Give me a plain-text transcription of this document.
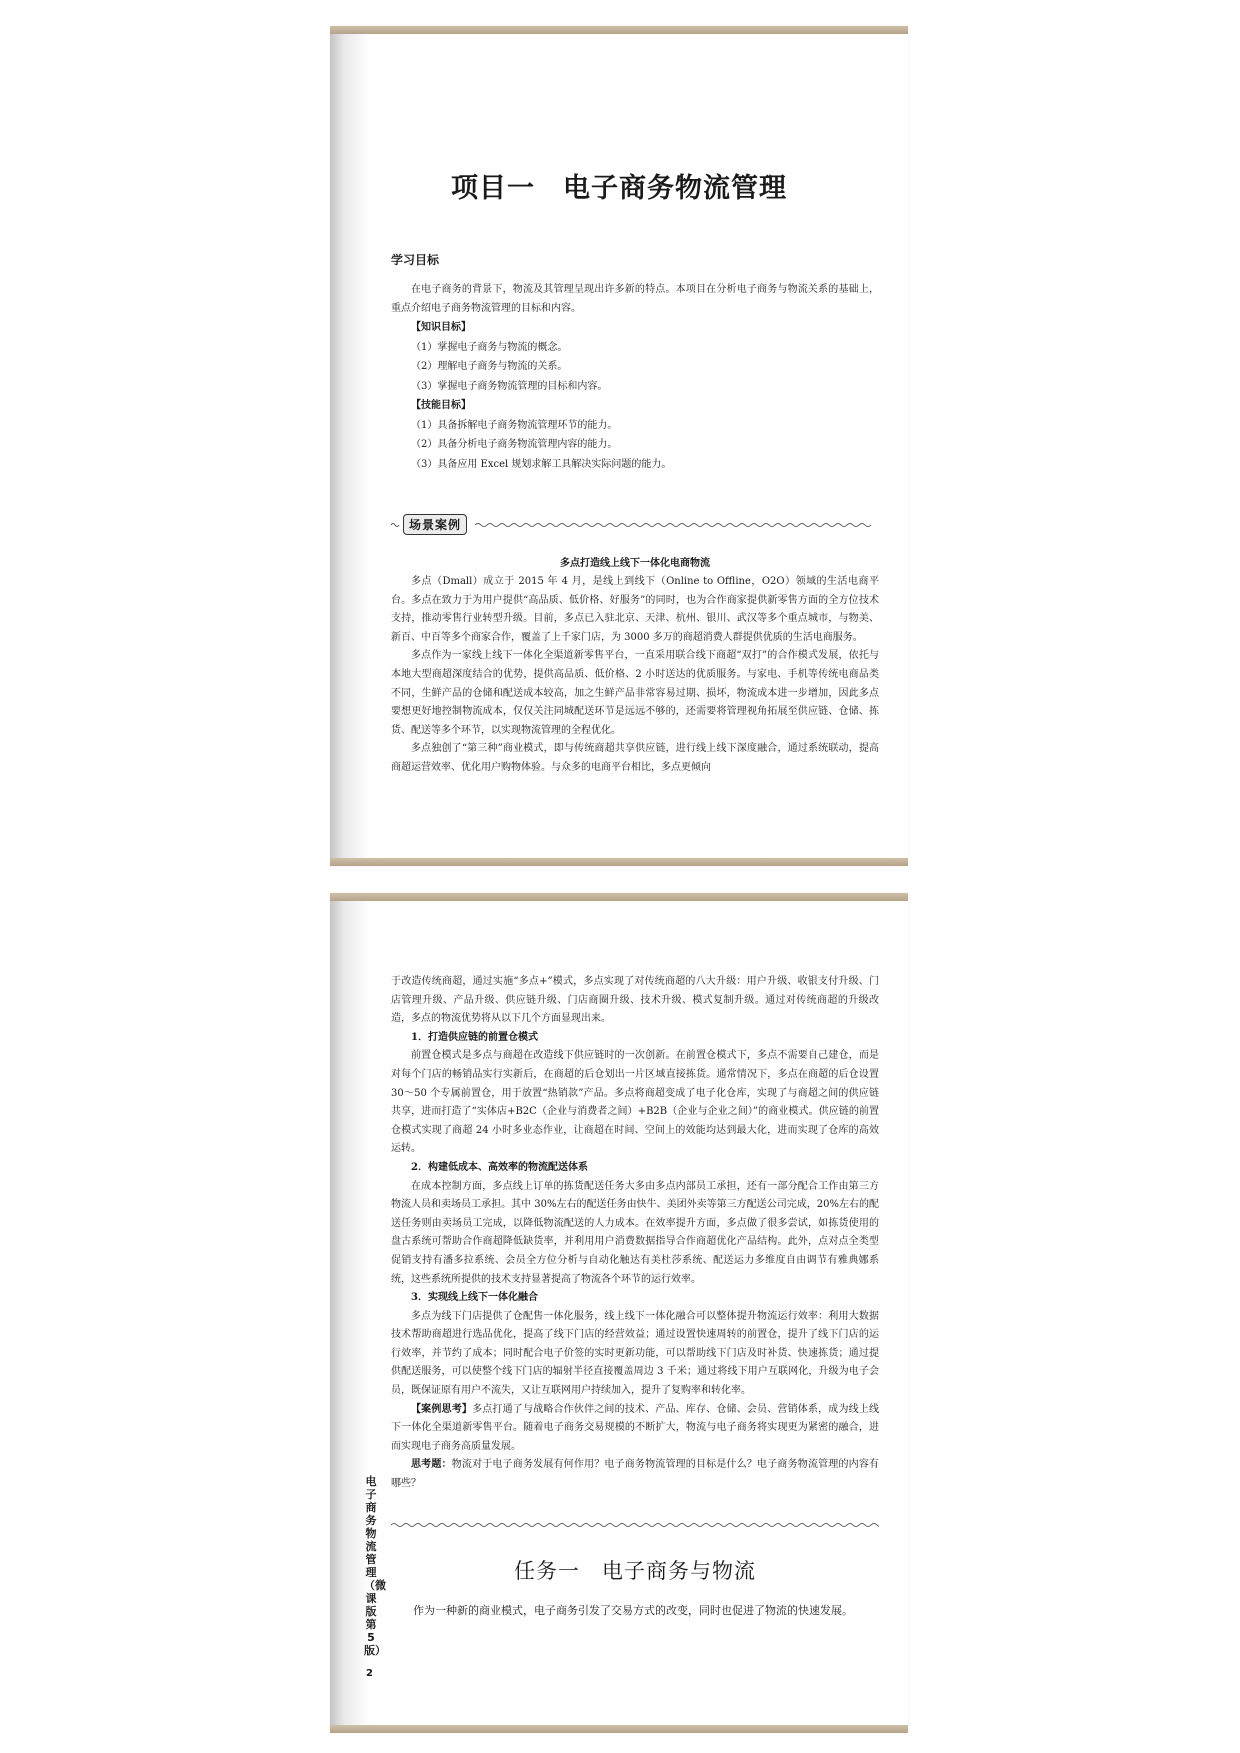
项目一　电子商务物流管理
学习目标

在电子商务的背景下，物流及其管理呈现出许多新的特点。本项目在分析电子商务与物流关系的基础上，重点介绍电子商务物流管理的目标和内容。

【知识目标】
（1）掌握电子商务与物流的概念。
（2）理解电子商务与物流的关系。
（3）掌握电子商务物流管理的目标和内容。
【技能目标】
（1）具备拆解电子商务物流管理环节的能力。
（2）具备分析电子商务物流管理内容的能力。
（3）具备应用 Excel 规划求解工具解决实际问题的能力。
场景案例
多点打造线上线下一体化电商物流

多点（Dmall）成立于 2015 年 4 月，是线上到线下（Online to Offline，O2O）领域的生活电商平台。多点在致力于为用户提供“高品质、低价格、好服务”的同时，也为合作商家提供新零售方面的全方位技术支持，推动零售行业转型升级。目前，多点已入驻北京、天津、杭州、银川、武汉等多个重点城市，与物美、新百、中百等多个商家合作，覆盖了上千家门店，为 3000 多万的商超消费人群提供优质的生活电商服务。

多点作为一家线上线下一体化全渠道新零售平台，一直采用联合线下商超“双打”的合作模式发展，依托与本地大型商超深度结合的优势，提供高品质、低价格、2 小时送达的优质服务。与家电、手机等传统电商品类不同，生鲜产品的仓储和配送成本较高，加之生鲜产品非常容易过期、损坏，物流成本进一步增加，因此多点要想更好地控制物流成本，仅仅关注同城配送环节是远远不够的，还需要将管理视角拓展至供应链、仓储、拣货、配送等多个环节，以实现物流管理的全程优化。

多点独创了“第三种”商业模式，即与传统商超共享供应链，进行线上线下深度融合，通过系统联动，提高商超运营效率、优化用户购物体验。与众多的电商平台相比，多点更倾向

于改造传统商超，通过实施“多点+”模式，多点实现了对传统商超的八大升级：用户升级、收银支付升级、门店管理升级、产品升级、供应链升级、门店商圈升级、技术升级、模式复制升级。通过对传统商超的升级改造，多点的物流优势将从以下几个方面显现出来。

1．打造供应链的前置仓模式

前置仓模式是多点与商超在改造线下供应链时的一次创新。在前置仓模式下，多点不需要自己建仓，而是对每个门店的畅销品实行实新后，在商超的后仓划出一片区域直接拣货。通常情况下，多点在商超的后仓设置 30～50 个专属前置仓，用于放置“热销款”产品。多点将商超变成了电子化仓库，实现了与商超之间的供应链共享，进而打造了“实体店+B2C（企业与消费者之间）+B2B（企业与企业之间）”的商业模式。供应链的前置仓模式实现了商超 24 小时多业态作业，让商超在时间、空间上的效能均达到最大化，进而实现了仓库的高效运转。

2．构建低成本、高效率的物流配送体系

在成本控制方面，多点线上订单的拣货配送任务大多由多点内部员工承担，还有一部分配合工作由第三方物流人员和卖场员工承担。其中 30%左右的配送任务由快牛、美团外卖等第三方配送公司完成，20%左右的配送任务则由卖场员工完成，以降低物流配送的人力成本。在效率提升方面，多点做了很多尝试，如拣货使用的盘古系统可帮助合作商超降低缺货率，并利用用户消费数据指导合作商超优化产品结构。此外，点对点全类型促销支持有潘多拉系统、会员全方位分析与自动化触达有美杜莎系统、配送运力多维度自由调节有雅典娜系统，这些系统所提供的技术支持显著提高了物流各个环节的运行效率。

3．实现线上线下一体化融合

多点为线下门店提供了仓配售一体化服务，线上线下一体化融合可以整体提升物流运行效率：利用大数据技术帮助商超进行选品优化，提高了线下门店的经营效益；通过设置快速周转的前置仓，提升了线下门店的运行效率，并节约了成本；同时配合电子价签的实时更新功能，可以帮助线下门店及时补货、快速拣货；通过提供配送服务，可以使整个线下门店的辐射半径直接覆盖周边 3 千米；通过将线下用户互联网化，升级为电子会员，既保证原有用户不流失，又让互联网用户持续加入，提升了复购率和转化率。

【案例思考】多点打通了与战略合作伙伴之间的技术、产品、库存、仓储、会员、营销体系，成为线上线下一体化全渠道新零售平台。随着电子商务交易规模的不断扩大，物流与电子商务将实现更为紧密的融合，进而实现电子商务高质量发展。

思考题：物流对于电子商务发展有何作用？电子商务物流管理的目标是什么？电子商务物流管理的内容有哪些？

任务一　电子商务与物流

作为一种新的商业模式，电子商务引发了交易方式的改变，同时也促进了物流的快速发展。

电子商务物流管理（微课版　第5版）
2
